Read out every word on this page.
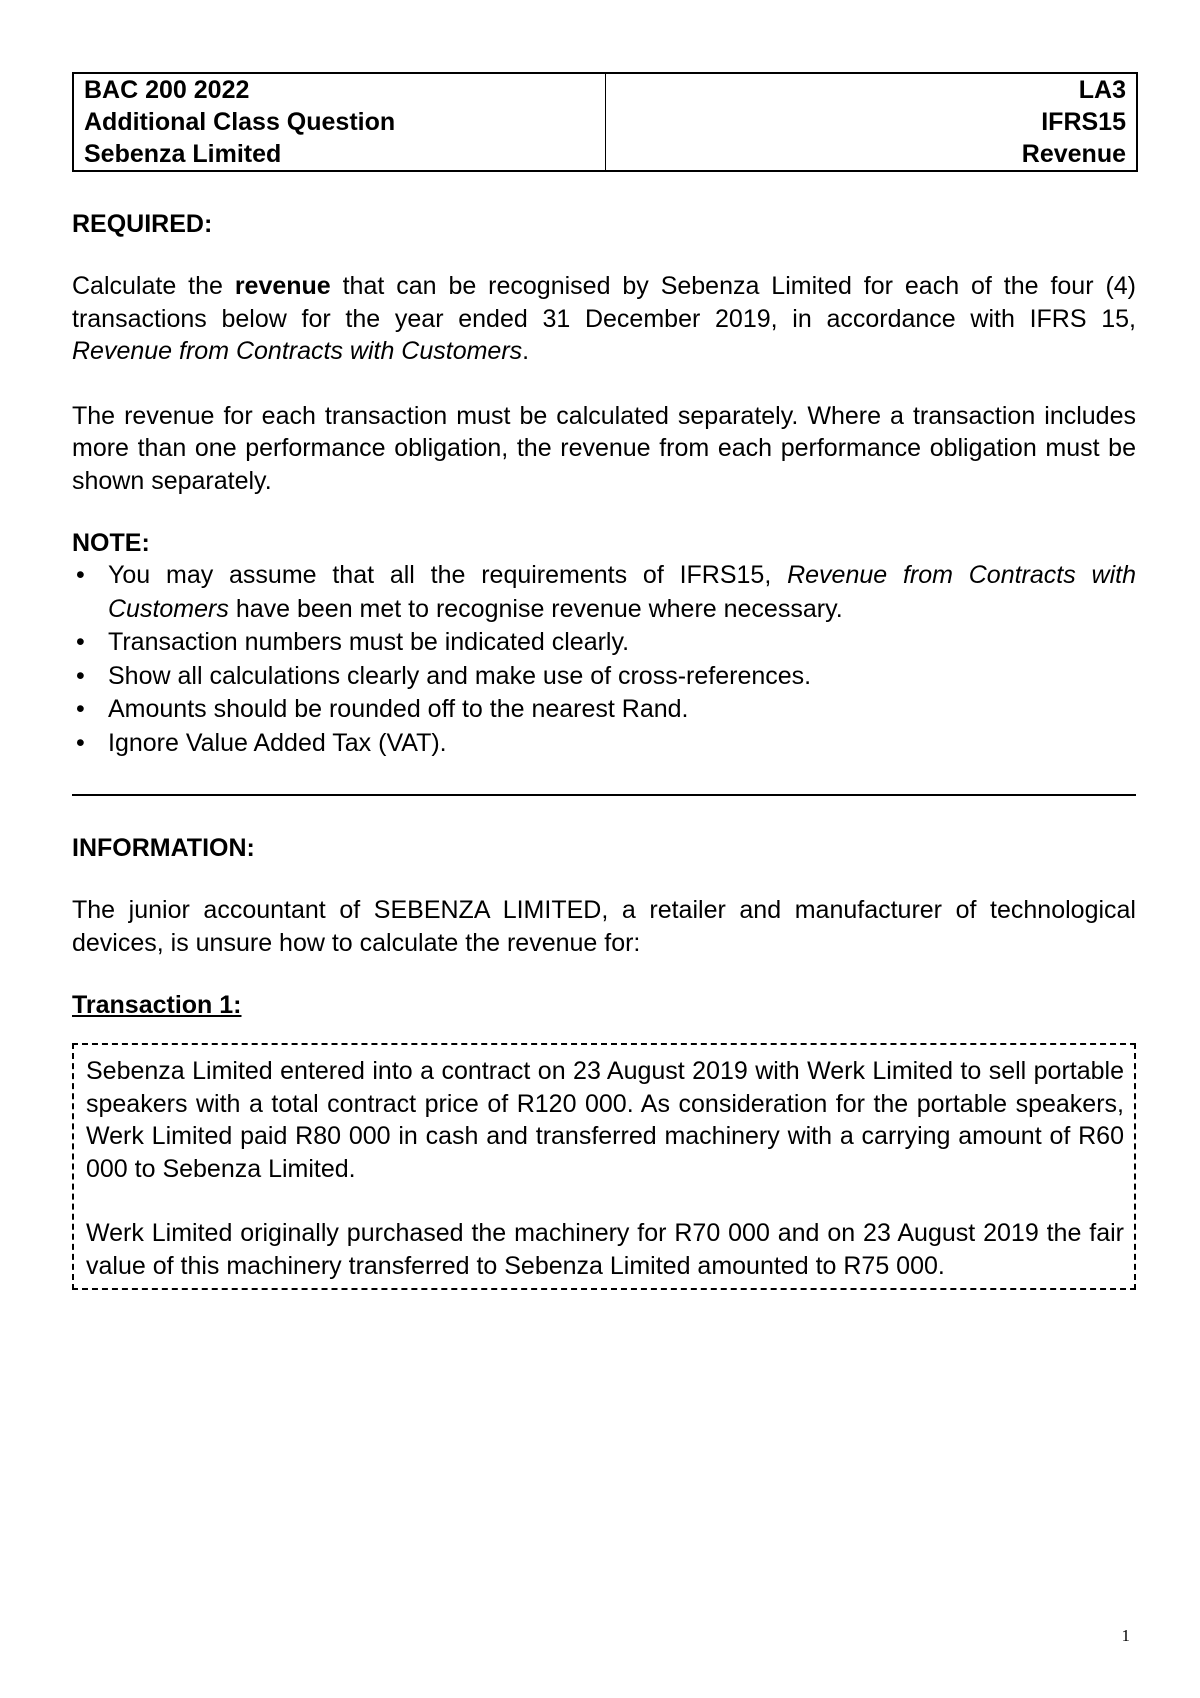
BAC 200 2022
Additional Class Question
Sebenza Limited
LA3
IFRS15
Revenue
REQUIRED:

Calculate the revenue that can be recognised by Sebenza Limited for each of the four (4) transactions below for the year ended 31 December 2019, in accordance with IFRS 15, Revenue from Contracts with Customers.

The revenue for each transaction must be calculated separately. Where a transaction includes more than one performance obligation, the revenue from each performance obligation must be shown separately.

NOTE:
• You may assume that all the requirements of IFRS15, Revenue from Contracts with Customers have been met to recognise revenue where necessary.
• Transaction numbers must be indicated clearly.
• Show all calculations clearly and make use of cross-references.
• Amounts should be rounded off to the nearest Rand.
• Ignore Value Added Tax (VAT).
INFORMATION:

The junior accountant of SEBENZA LIMITED, a retailer and manufacturer of technological devices, is unsure how to calculate the revenue for:

Transaction 1:

Sebenza Limited entered into a contract on 23 August 2019 with Werk Limited to sell portable speakers with a total contract price of R120 000. As consideration for the portable speakers, Werk Limited paid R80 000 in cash and transferred machinery with a carrying amount of R60 000 to Sebenza Limited.

Werk Limited originally purchased the machinery for R70 000 and on 23 August 2019 the fair value of this machinery transferred to Sebenza Limited amounted to R75 000.

1
